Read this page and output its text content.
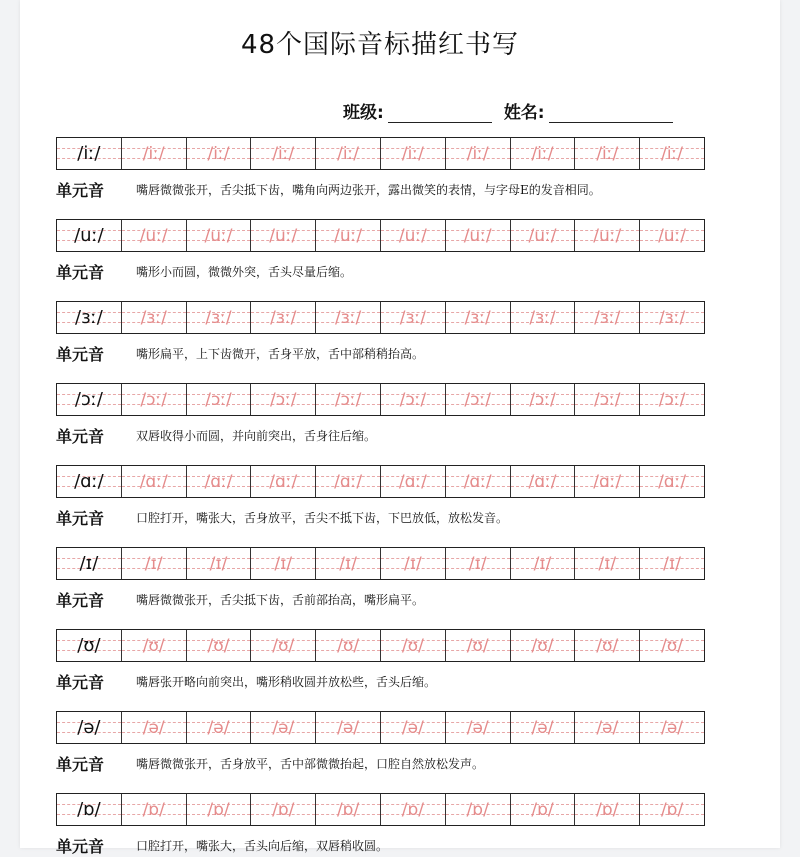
48个国际音标描红书写
班级:	姓名:
/iː/ /iː/	/iː/	/iː/	/iː/	/iː/	/iː/	/iː/	/iː/	/iː/
单元音	嘴唇微微张开，舌尖抵下齿，嘴角向两边张开，露出微笑的表情，与字母E的发音相同。
/uː/ /uː/ /uː/ /uː/ /uː/ /uː/ /uː/ /uː/ /uː/ /uː/
单元音	嘴形小而圆，微微外突，舌头尽量后缩。
/ɜː/ /ɜː/ /ɜː/ /ɜː/ /ɜː/ /ɜː/ /ɜː/ /ɜː/ /ɜː/ /ɜː/
单元音	嘴形扁平，上下齿微开，舌身平放，舌中部稍稍抬高。
/ɔː/ /ɔː/ /ɔː/ /ɔː/ /ɔː/ /ɔː/ /ɔː/ /ɔː/ /ɔː/ /ɔː/
单元音	双唇收得小而圆，并向前突出，舌身往后缩。
/ɑː/ /ɑː/ /ɑː/ /ɑː/ /ɑː/ /ɑː/ /ɑː/ /ɑː/ /ɑː/ /ɑː/
单元音	口腔打开，嘴张大，舌身放平，舌尖不抵下齿，下巴放低，放松发音。
/ɪ/	/ɪ/	/ɪ/	/ɪ/	/ɪ/	/ɪ/	/ɪ/	/ɪ/	/ɪ/	/ɪ/
单元音	嘴唇微微张开，舌尖抵下齿，舌前部抬高，嘴形扁平。
/ʊ/ /ʊ/	/ʊ/	/ʊ/	/ʊ/	/ʊ/	/ʊ/	/ʊ/	/ʊ/	/ʊ/
单元音	嘴唇张开略向前突出，嘴形稍收圆并放松些，舌头后缩。
/ə/ /ə/	/ə/	/ə/	/ə/	/ə/	/ə/	/ə/	/ə/	/ə/
单元音	嘴唇微微张开，舌身放平，舌中部微微抬起，口腔自然放松发声。
/ɒ/ /ɒ/	/ɒ/	/ɒ/	/ɒ/	/ɒ/	/ɒ/	/ɒ/	/ɒ/	/ɒ/
单元音	口腔打开，嘴张大，舌头向后缩，双唇稍收圆。
